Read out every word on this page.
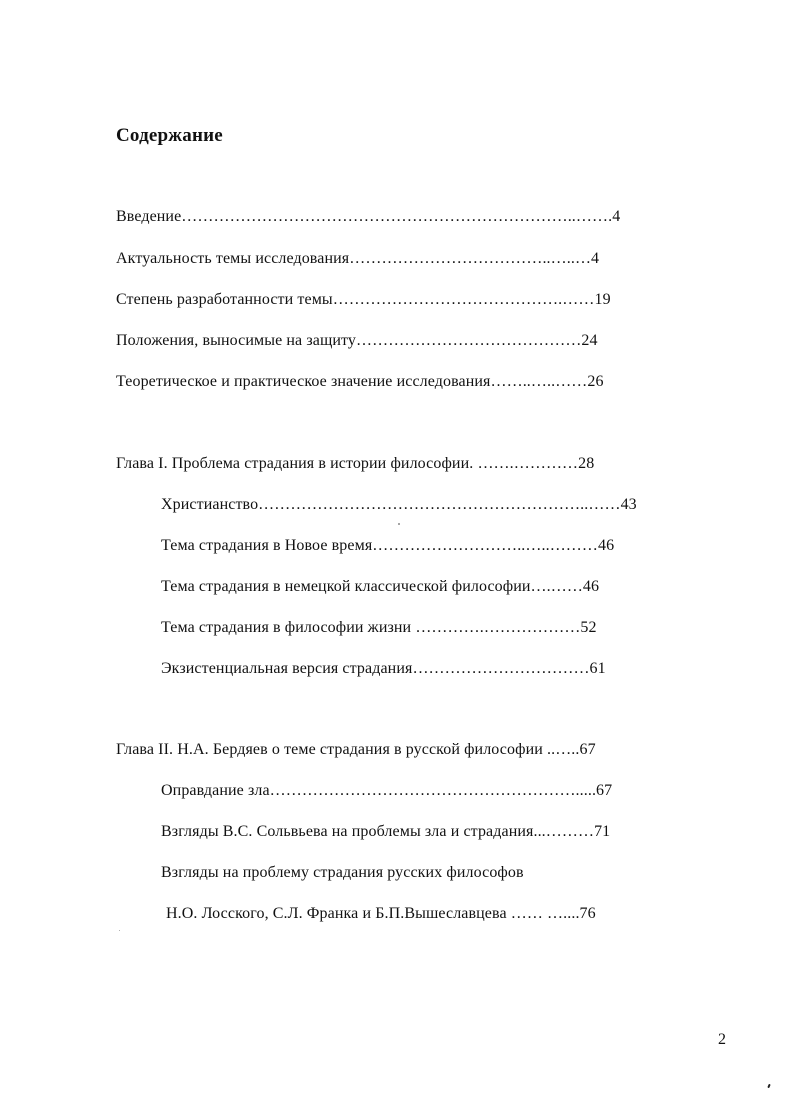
Содержание
Введение………………………………………………………………..…….4
Актуальность темы исследования………………………………..…..…4
Степень разработанности темы…………………………………….……19
Положения, выносимые на защиту……………………………………24
Теоретическое и практическое значение исследования……..…..……26
Глава I. Проблема страдания в истории философии. …….…………28
Христианство……………………………………………………..……43
Тема страдания в Новое время………………………..…..………46
Тема страдания в немецкой классической философии….……46
Тема страдания в философии жизни ………….………………52
Экзистенциальная версия страдания……………………………61
Глава II. Н.А. Бердяев о теме страдания в русской философии ..…..67
Оправдание зла………………………………………………….....67
Взгляды В.С. Сольвьева на проблемы зла и страдания...………71
Взгляды на проблему страдания русских философов
Н.О. Лосского, С.Л. Франка и Б.П.Вышеславцева …… …....76
2
